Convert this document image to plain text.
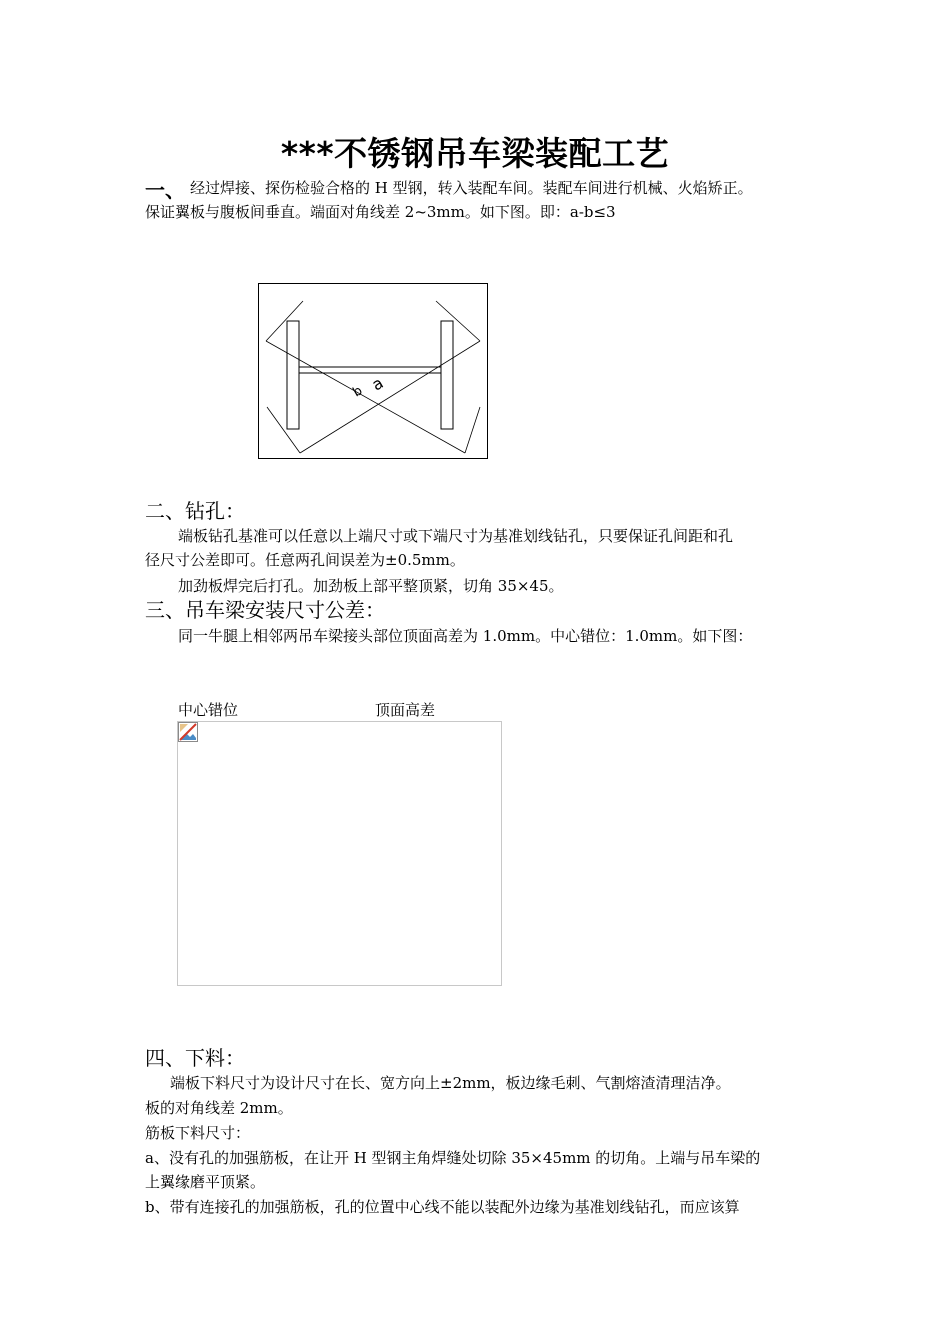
***不锈钢吊车梁装配工艺
一、 经过焊接、探伤检验合格的 H 型钢，转入装配车间。装配车间进行机械、火焰矫正。
保证翼板与腹板间垂直。端面对角线差 2~3mm。如下图。即：a-b≤3
b a
二、钻孔：
端板钻孔基准可以任意以上端尺寸或下端尺寸为基准划线钻孔，只要保证孔间距和孔
径尺寸公差即可。任意两孔间误差为±0.5mm。
加劲板焊完后打孔。加劲板上部平整顶紧，切角 35×45。
三、吊车梁安装尺寸公差：
同一牛腿上相邻两吊车梁接头部位顶面高差为 1.0mm。中心错位：1.0mm。如下图：
中心错位	顶面高差
四、下料：
端板下料尺寸为设计尺寸在长、宽方向上±2mm，板边缘毛刺、气割熔渣清理洁净。
板的对角线差 2mm。
筋板下料尺寸：
a、没有孔的加强筋板，在让开 H 型钢主角焊缝处切除 35×45mm 的切角。上端与吊车梁的
上翼缘磨平顶紧。
b、带有连接孔的加强筋板，孔的位置中心线不能以装配外边缘为基准划线钻孔，而应该算
